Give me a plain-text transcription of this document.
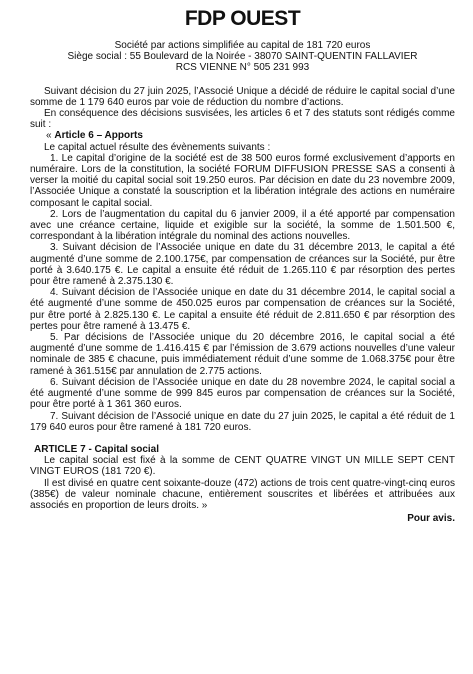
FDP OUEST

Société par actions simplifiée au capital de 181 720 euros

Siège social : 55 Boulevard de la Noirée - 38070 SAINT-QUENTIN FALLAVIER

RCS VIENNE N° 505 231 993

Suivant décision du 27 juin 2025, l’Associé Unique a décidé de réduire le capital social d’une somme de 1 179 640 euros par voie de réduction du nombre d’actions.

En conséquence des décisions susvisées, les articles 6 et 7 des statuts sont rédigés comme suit :

« Article 6 – Apports

Le capital actuel résulte des évènements suivants :

1. Le capital d’origine de la société est de 38 500 euros formé exclusivement d’apports en numéraire. Lors de la constitution, la société FORUM DIFFUSION PRESSE SAS a consenti à verser la moitié du capital social soit 19.250 euros. Par décision en date du 23 novembre 2009, l’Associée Unique a constaté la souscription et la libération intégrale des actions en numéraire composant le capital social.

2. Lors de l’augmentation du capital du 6 janvier 2009, il a été apporté par compensation avec une créance certaine, liquide et exigible sur la société, la somme de 1.501.500 €, correspondant à la libération intégrale du nominal des actions nouvelles.

3. Suivant décision de l’Associée unique en date du 31 décembre 2013, le capital a été augmenté d’une somme de 2.100.175€, par compensation de créances sur la Société, pur être porté à 3.640.175 €. Le capital a ensuite été réduit de 1.265.110 € par résorption des pertes pour être ramené à 2.375.130 €.

4. Suivant décision de l’Associée unique en date du 31 décembre 2014, le capital social a été augmenté d’une somme de 450.025 euros par compensation de créances sur la Société, pur être porté à 2.825.130 €. Le capital a ensuite été réduit de 2.811.650 € par résorption des pertes pour être ramené à 13.475 €.

5. Par décisions de l’Associée unique du 20 décembre 2016, le capital social a été augmenté d’une somme de 1.416.415 € par l’émission de 3.679 actions nouvelles d’une valeur nominale de 385 € chacune, puis immédiatement réduit d’une somme de 1.068.375€ pour être ramené à 361.515€ par annulation de 2.775 actions.

6. Suivant décision de l’Associée unique en date du 28 novembre 2024, le capital social a été augmenté d’une somme de 999 845 euros par compensation de créances sur la Société, pour être porté à 1 361 360 euros.

7. Suivant décision de l’Associé unique en date du 27 juin 2025, le capital a été réduit de 1 179 640 euros pour être ramené à 181 720 euros.

ARTICLE 7 - Capital social

Le capital social est fixé à la somme de CENT QUATRE VINGT UN MILLE SEPT CENT VINGT EUROS (181 720 €).

Il est divisé en quatre cent soixante-douze (472) actions de trois cent quatre-vingt-cinq euros (385€) de valeur nominale chacune, entièrement souscrites et libérées et attribuées aux associés en proportion de leurs droits. »

Pour avis.
